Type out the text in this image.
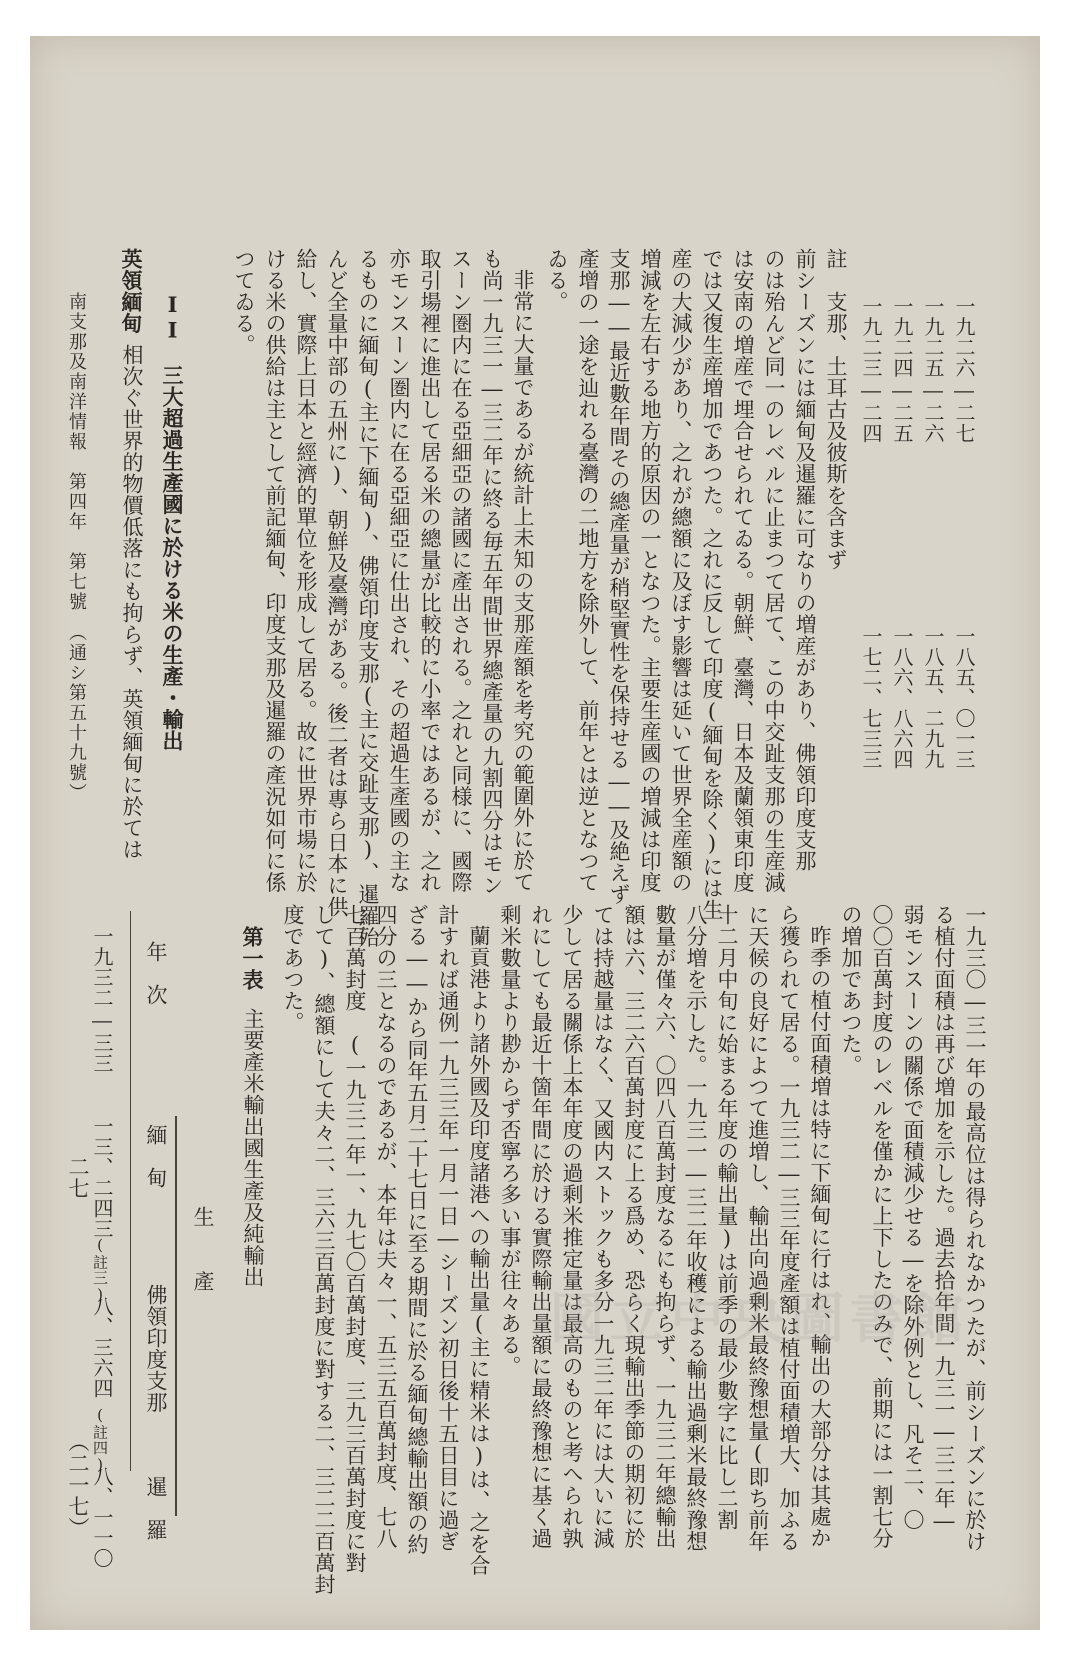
一九二六―二七
一九二五―二六
一九二四―二五
一九二三―二四
一八五、〇一三
一八五、二九九
一八六、八六四
一七二、七三三
註　支那、土耳古及彼斯を含まず
前シーズンには緬甸及暹羅に可なりの増産があり、佛領印度支那
のは殆んど同一のレベルに止まつて居て、この中交趾支那の生産減
は安南の増産で埋合せられてゐる。朝鮮、臺灣、日本及蘭領東印度
では又復生産増加であつた。之れに反して印度(緬甸を除く)には生
産の大減少があり、之れが總額に及ぼす影響は延いて世界全産額の
増減を左右する地方的原因の一となつた。主要生産國の増減は印度
支那――最近數年間その總產量が稍堅實性を保持せる――及絶えず
產增の一途を辿れる臺灣の二地方を除外して、前年とは逆となつて
ゐる。
非常に大量であるが統計上未知の支那産額を考究の範圍外に於て
も尚一九三一―三二年に終る毎五年間世界總產量の九割四分はモン
スーン圏内に在る亞細亞の諸國に產出される。之れと同様に、國際
取引場裡に進出して居る米の總量が比較的に小率ではあるが、之れ
亦モンスーン圏内に在る亞細亞に仕出され、その超過生產國の主な
るものに緬甸(主に下緬甸)、佛領印度支那(主に交趾支那)、暹羅殆
んど全量中部の五州に)、朝鮮及臺灣がある。後二者は專ら日本に供
給し、實際上日本と經濟的單位を形成して居る。故に世界市場に於
ける米の供給は主として前記緬甸、印度支那及暹羅の產況如何に係
つてゐる。
II　三大超過生產國に於ける米の生產・輸出
英領緬甸
相次ぐ世界的物價低落にも拘らず、英領緬甸に於ては
南支那及南洋情報　第四年　第七號　（通シ第五十九號）
一九三〇―三一年の最高位は得られなかつたが、前シーズンに於け
る植付面積は再び増加を示した。過去拾年間一九三一―三二年―
弱モンスーンの關係で面積減少せる―を除外例とし、凡そ二、〇
〇〇百萬封度のレベルを僅かに上下したのみで、前期には一割七分
の増加であつた。
昨季の植付面積増は特に下緬甸に行はれ、輸出の大部分は其處か
ら獲られて居る。一九三二―三三年度產額は植付面積増大、加ふる
に天候の良好によつて進増し、輸出向過剰米最終豫想量(即ち前年
十二月中旬に始まる年度の輸出量)は前季の最少數字に比し二割
八分増を示した。一九三一―三二年收穫による輸出過剰米最終豫想
數量が僅々六、〇四八百萬封度なるにも拘らず、一九三二年總輸出
額は六、三二六百萬封度に上る爲め、恐らく現輸出季節の期初に於
ては持越量はなく、又國内ストックも多分一九三二年には大いに減
少して居る關係上本年度の過剩米推定量は最高のものと考へられ孰
れにしても最近十箇年間に於ける實際輸出量額に最終豫想に基く過
剩米數量より尠からず否寧ろ多い事が往々ある。
蘭貢港より諸外國及印度諸港への輸出量(主に精米は)は、之を合
計すれば通例一九三三年一月一日―シーズン初日後十五日目に過ぎ
ざる――から同年五月二十七日に至る期間に於る緬甸總輸出額の約
四分の三となるのであるが、本年は夫々一、五三五百萬封度、七八
七百萬封度　(一九三二年一、九七〇百萬封度、三九三百萬封度に對
して)、總額にして夫々二、三六三百萬封度に對する二、三二二百萬封
度であつた。
第一表
主要產米輸出國生產及純輸出
生　　產
年　次
緬　甸
佛領印度支那
暹　羅
一九三二―三三
一三、二四三
(註三)
八、三六四
(註四)
八、一一〇
二七
（二一七）
國立中央圖書館
